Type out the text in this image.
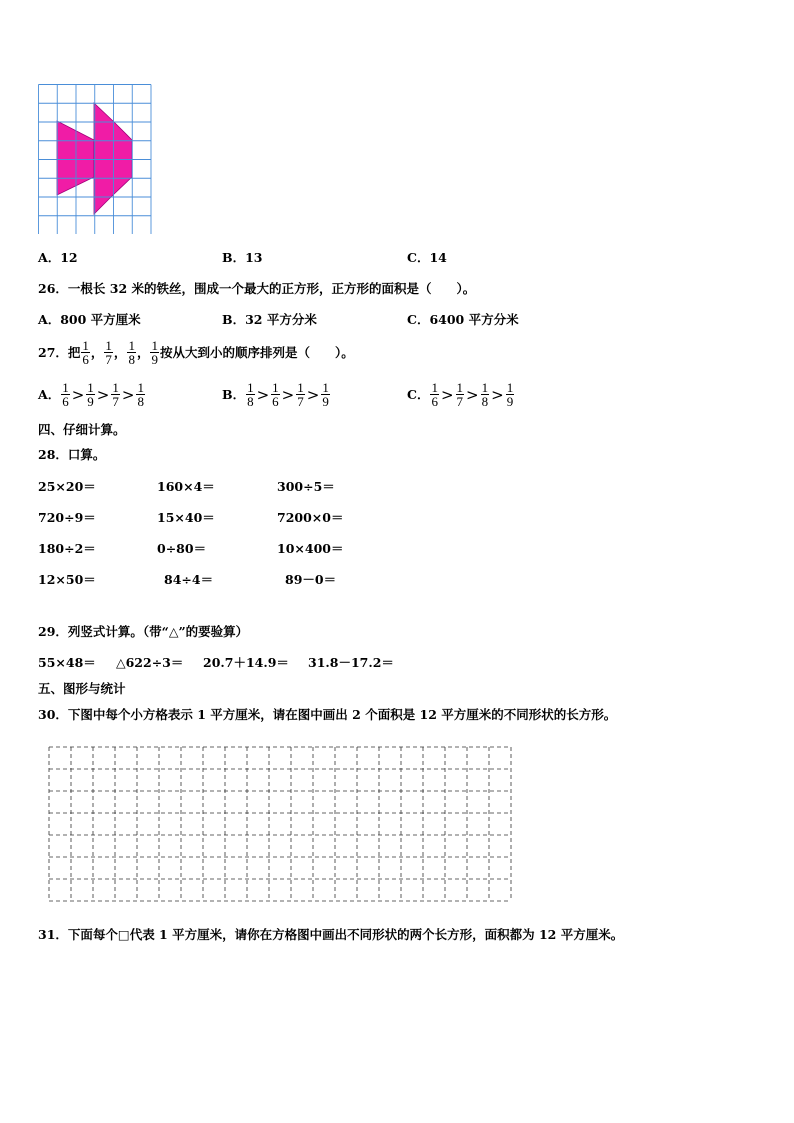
A．12	B．13	C．14
26．一根长 32 米的铁丝，围成一个最大的正方形，正方形的面积是（　　）。
A．800 平方厘米	B．32 平方分米	C．6400 平方分米
27．把 $\frac{1}{6}$ ， $\frac{1}{7}$ ， $\frac{1}{8}$ ， $\frac{1}{9}$ 按从大到小的顺序排列是（　　）。
A． $\frac{1}{6} > \frac{1}{9} > \frac{1}{7} > \frac{1}{8}$	B． $\frac{1}{8} > \frac{1}{6} > \frac{1}{7} > \frac{1}{9}$	C． $\frac{1}{6} > \frac{1}{7} > \frac{1}{8} > \frac{1}{9}$
四、仔细计算。
28．口算。
25×20＝	160×4＝	300÷5＝
720÷9＝	15×40＝	7200×0＝
180÷2＝	0÷80＝	10×400＝
12×50＝	84÷4＝	89－0＝
29．列竖式计算。（带“△”的要验算）
55×48＝ △622÷3＝ 20.7＋14.9＝ 31.8－17.2＝
五、图形与统计
30．下图中每个小方格表示 1 平方厘米，请在图中画出 2 个面积是 12 平方厘米的不同形状的长方形。
31．下面每个□代表 1 平方厘米，请你在方格图中画出不同形状的两个长方形，面积都为 12 平方厘米。
